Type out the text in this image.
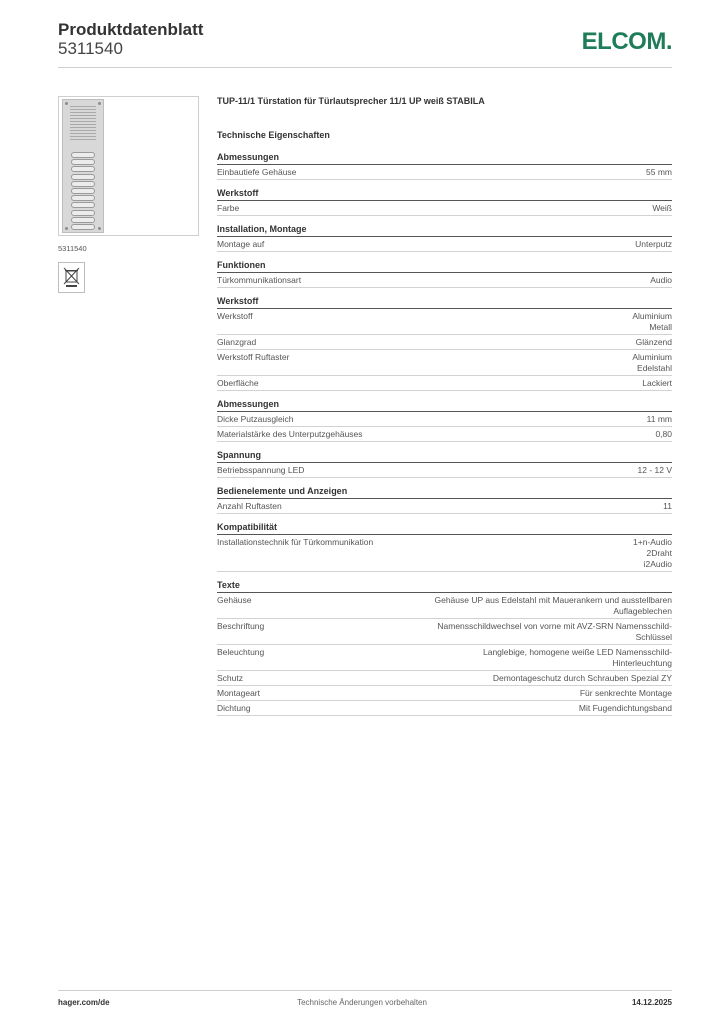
Produktdatenblatt
5311540	ELCOM.
5311540
TUP-11/1 Türstation für Türlautsprecher 11/1 UP weiß STABILA
Technische Eigenschaften
Abmessungen
Einbautiefe Gehäuse	55 mm
Werkstoff
Farbe	Weiß
Installation, Montage
Montage auf	Unterputz
Funktionen
Türkommunikationsart	Audio
Werkstoff
Werkstoff	Aluminium
Metall
Glanzgrad	Glänzend
Werkstoff Ruftaster	Aluminium
Edelstahl
Oberfläche	Lackiert
Abmessungen
Dicke Putzausgleich	11 mm
Materialstärke des Unterputzgehäuses	0,80
Spannung
Betriebsspannung LED	12 - 12 V
Bedienelemente und Anzeigen
Anzahl Ruftasten	11
Kompatibilität
Installationstechnik für Türkommunikation	1+n-Audio
2Draht
i2Audio
Texte
Gehäuse	Gehäuse UP aus Edelstahl mit Mauerankern und ausstellbaren
Auflageblechen
Beschriftung	Namensschildwechsel von vorne mit AVZ-SRN Namensschild-
Schlüssel
Beleuchtung	Langlebige, homogene weiße LED Namensschild-
Hinterleuchtung
Schutz	Demontageschutz durch Schrauben Spezial ZY
Montageart	Für senkrechte Montage
Dichtung	Mit Fugendichtungsband
hager.com/de	Technische Änderungen vorbehalten	14.12.2025
